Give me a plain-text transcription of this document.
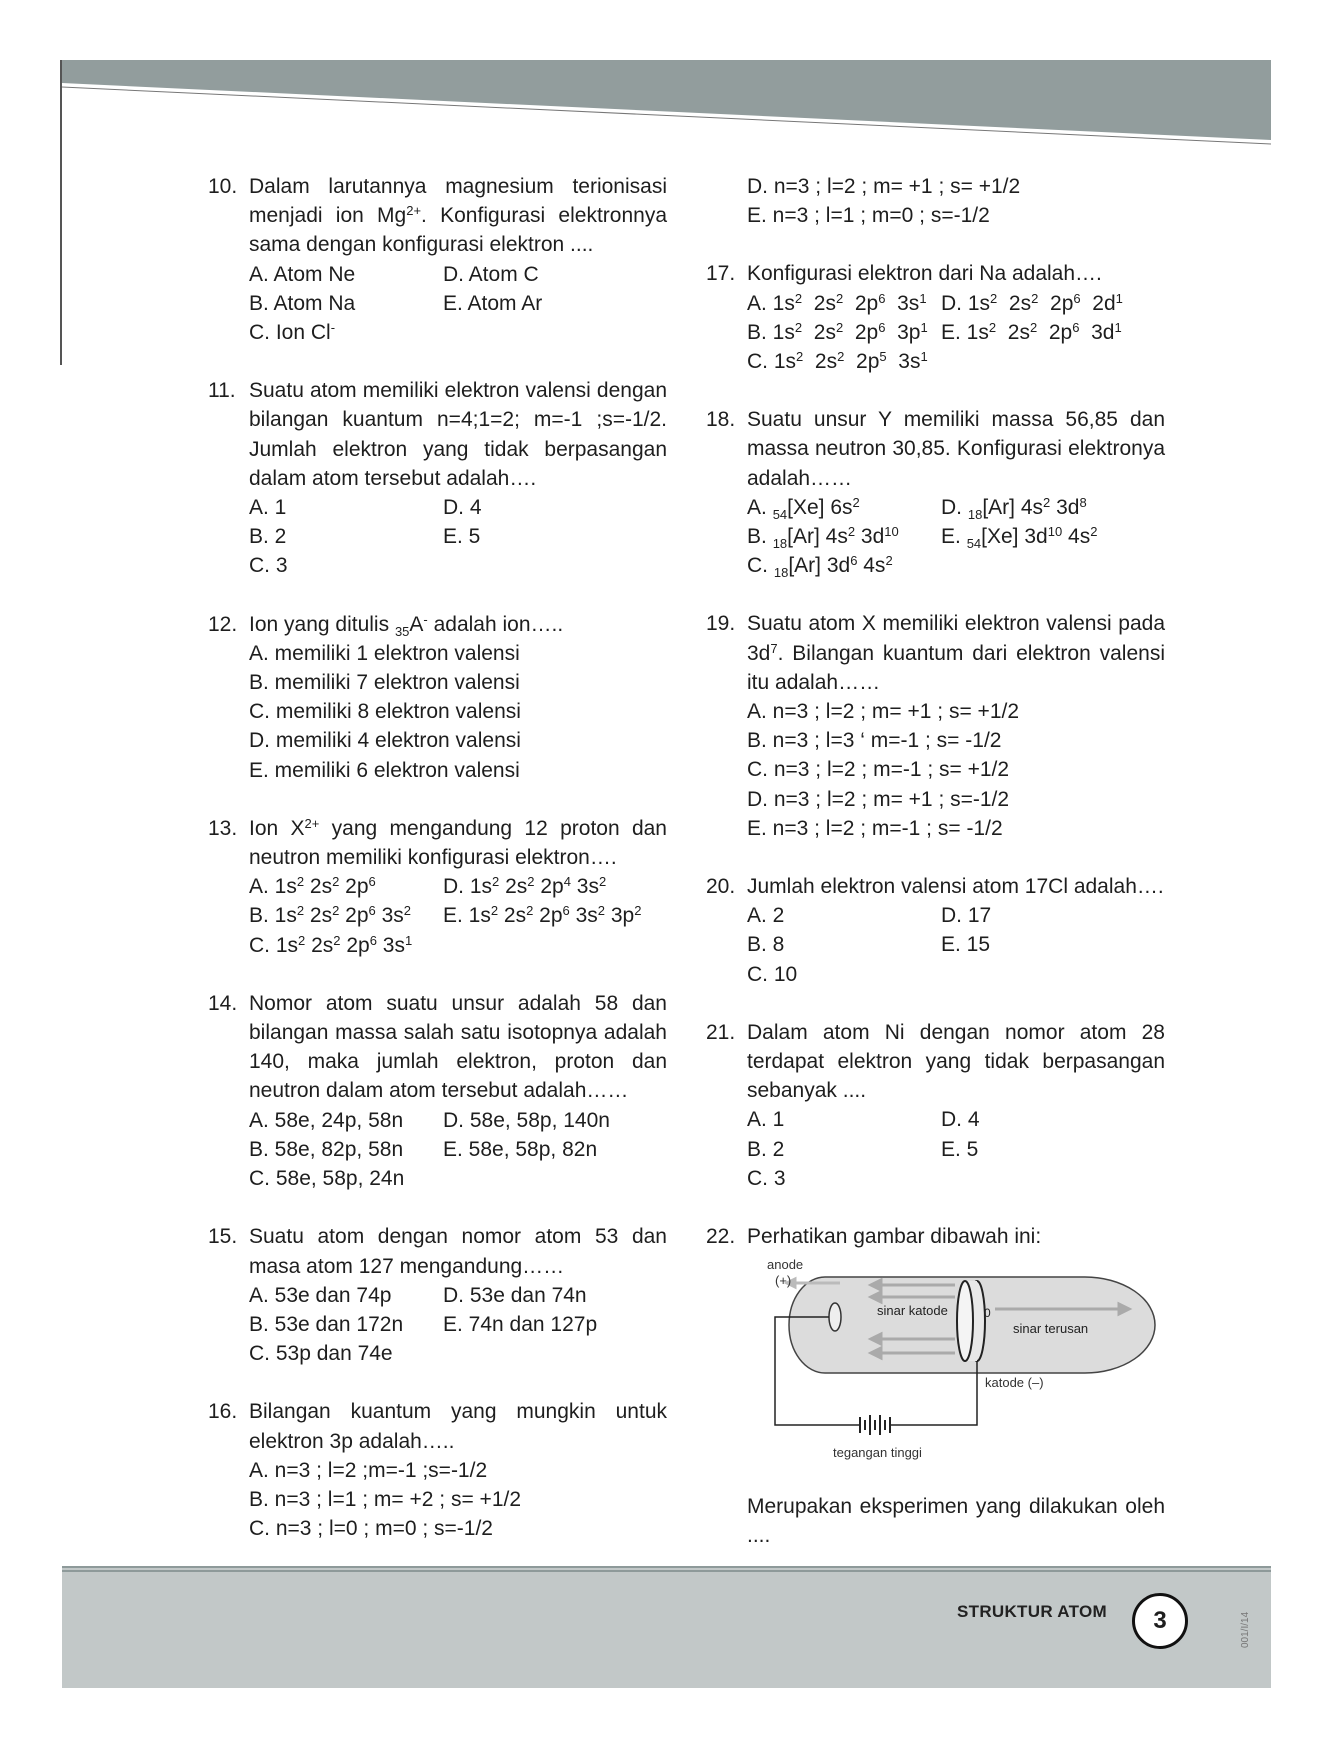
10. Dalam larutannya magnesium terionisasi menjadi ion $Mg^{2+}$. Konfigurasi elektronnya sama dengan konfigurasi elektron ....
A. Atom Ne	D. Atom C
B. Atom Na	E. Atom Ar
C. Ion Cl-
11. Suatu atom memiliki elektron valensi dengan bilangan kuantum n=4;1=2; m=-1 ;s=-1/2. Jumlah elektron yang tidak berpasangan dalam atom tersebut adalah….
A. 1	D. 4
B. 2	E. 5
C. 3
12. Ion yang ditulis $_{35}$A- adalah ion…..
A. memiliki 1 elektron valensi
B. memiliki 7 elektron valensi
C. memiliki 8 elektron valensi
D. memiliki 4 elektron valensi
E. memiliki 6 elektron valensi
13. Ion $X^{2+}$ yang mengandung 12 proton dan neutron memiliki konfigurasi elektron….
A. $1s^2$ $2s^2$ $2p^6$	D. $1s^2$ $2s^2$ $2p^4$ $3s^2$
B. $1s^2$ $2s^2$ $2p^6$ $3s^2$	E. $1s^2$ $2s^2$ $2p^6$ $3s^2$ $3p^2$
C. $1s^2$ $2s^2$ $2p^6$ $3s^1$
14. Nomor atom suatu unsur adalah 58 dan bilangan massa salah satu isotopnya adalah 140, maka jumlah elektron, proton dan neutron dalam atom tersebut adalah……
A. 58e, 24p, 58n	D. 58e, 58p, 140n
B. 58e, 82p, 58n	E. 58e, 58p, 82n
C. 58e, 58p, 24n
15. Suatu atom dengan nomor atom 53 dan masa atom 127 mengandung……
A. 53e dan 74p	D. 53e dan 74n
B. 53e dan 172n	E. 74n dan 127p
C. 53p dan 74e
16. Bilangan kuantum yang mungkin untuk elektron 3p adalah…..
A. n=3 ; l=2 ;m=-1 ;s=-1/2
B. n=3 ; l=1 ; m= +2 ; s= +1/2
C. n=3 ; l=0 ; m=0 ; s=-1/2
D. n=3 ; l=2 ; m= +1 ; s= +1/2
E. n=3 ; l=1 ; m=0 ; s=-1/2
17. Konfigurasi elektron dari Na adalah….
A. $1s^2$  $2s^2$  $2p^6$  $3s^1$ D. $1s^2$  $2s^2$  $2p^6$  $2d^1$
B. $1s^2$  $2s^2$  $2p^6$  $3p^1$ E. $1s^2$  $2s^2$  $2p^6$  $3d^1$
C. $1s^2$  $2s^2$  $2p^5$  $3s^1$
18. Suatu unsur Y memiliki massa 56,85 dan massa neutron 30,85. Konfigurasi elektronya adalah……
A. $_{54}$[Xe] $6s^2$	D. $_{18}$[Ar] $4s^2$ $3d^8$
B. $_{18}$[Ar] $4s^2$ $3d^{10}$	E. $_{54}$[Xe] $3d^{10}$ $4s^2$
C. $_{18}$[Ar] $3d^6$ $4s^2$
19. Suatu atom X memiliki elektron valensi pada $3d^7$. Bilangan kuantum dari elektron valensi itu adalah……
A. n=3 ; l=2 ; m= +1 ; s= +1/2
B. n=3 ; l=3 ‘ m=-1 ; s= -1/2
C. n=3 ; l=2 ; m=-1 ; s= +1/2
D. n=3 ; l=2 ; m= +1 ; s=-1/2
E. n=3 ; l=2 ; m=-1 ; s= -1/2
20. Jumlah elektron valensi atom 17Cl adalah….
A. 2	D. 17
B. 8	E. 15
C. 10
21. Dalam atom Ni dengan nomor atom 28 terdapat elektron yang tidak berpasangan sebanyak ....
A. 1	D. 4
B. 2	E. 5
C. 3
22. Perhatikan gambar dibawah ini:
anode
(+)
sinar katode	0
sinar terusan
katode (–)
tegangan tinggi
Merupakan eksperimen yang dilakukan oleh ....
STRUKTUR ATOM	3	001/I/14
